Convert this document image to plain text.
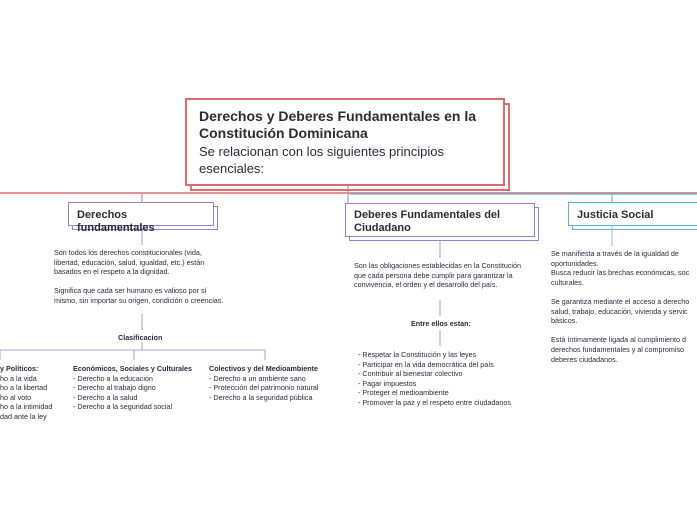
Derechos y Deberes Fundamentales en la Constitución Dominicana
Se relacionan con los siguientes principios esenciales:
Derechos fundamentales
Son todos los derechos constitucionales (vida, libertad, educación, salud, igualdad, etc.) están basados en el respeto a la dignidad.

Significa que cada ser humano es valioso por sí mismo, sin importar su origen, condición o creencias.
Clasificacion
y Políticos:
ho a la vida
ho a la libertad
ho al voto
ho a la intimidad
dad ante la ley
Económicos, Sociales y Culturales
- Derecho a la educación
- Derecho al trabajo digno
- Derecho a la salud
- Derecho a la seguridad social
Colectivos y del Medioambiente
- Derecho a un ambiente sano
- Protección del patrimonio natural
- Derecho a la seguridad pública
Deberes Fundamentales del Ciudadano
Son las obligaciones establecidas en la Constitución que cada persona debe cumplir para garantizar la convivencia, el orden y el desarrollo del país.
Entre ellos estan:
- Respetar la Constitución y las leyes
- Participar en la vida democrática del país
- Contribuir al bienestar colectivo
- Pagar impuestos
- Proteger el medioambiente
- Promover la paz y el respeto entre ciudadanos
Justicia Social
Se manifiesta a través de la igualdad de oportunidades.
Busca reducir las brechas económicas, soc culturales.

Se garantiza mediante el acceso a derecho salud, trabajo, educación, vivienda y servic básicos.

Está íntimamente ligada al cumplimiento d derechos fundamentales y al compromiso deberes ciudadanos.
